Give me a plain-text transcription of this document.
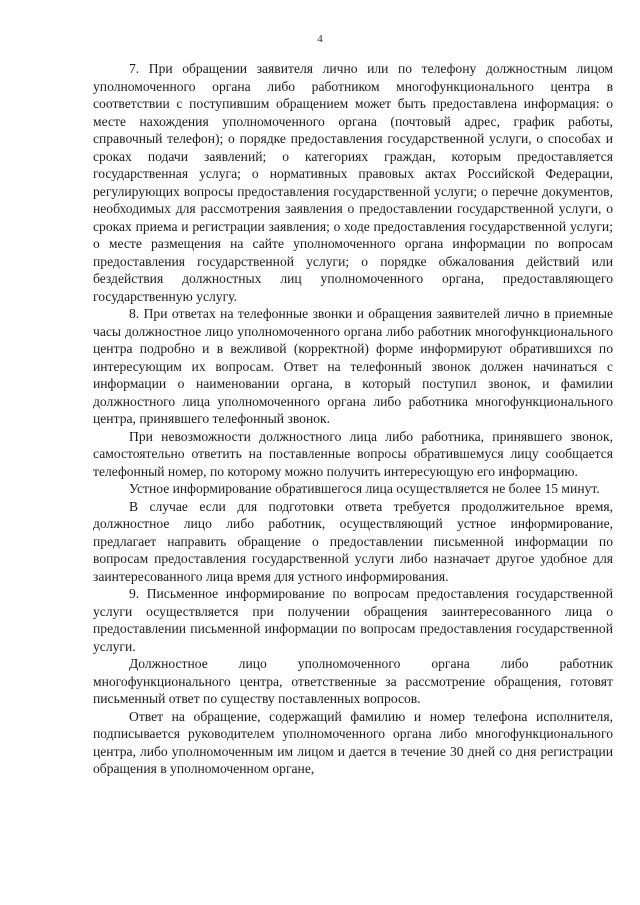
4

7. При обращении заявителя лично или по телефону должностным лицом уполномоченного органа либо работником многофункционального центра в соответствии с поступившим обращением может быть предоставлена информация: о месте нахождения уполномоченного органа (почтовый адрес, график работы, справочный телефон); о порядке предоставления государственной услуги, о способах и сроках подачи заявлений; о категориях граждан, которым предоставляется государственная услуга; о нормативных правовых актах Российской Федерации, регулирующих вопросы предоставления государственной услуги; о перечне документов, необходимых для рассмотрения заявления о предоставлении государственной услуги, о сроках приема и регистрации заявления; о ходе предоставления государственной услуги; о месте размещения на сайте уполномоченного органа информации по вопросам предоставления государственной услуги; о порядке обжалования действий или бездействия должностных лиц уполномоченного органа, предоставляющего государственную услугу.

8. При ответах на телефонные звонки и обращения заявителей лично в приемные часы должностное лицо уполномоченного органа либо работник многофункционального центра подробно и в вежливой (корректной) форме информируют обратившихся по интересующим их вопросам. Ответ на телефонный звонок должен начинаться с информации о наименовании органа, в который поступил звонок, и фамилии должностного лица уполномоченного органа либо работника многофункционального центра, принявшего телефонный звонок.

При невозможности должностного лица либо работника, принявшего звонок, самостоятельно ответить на поставленные вопросы обратившемуся лицу сообщается телефонный номер, по которому можно получить интересующую его информацию.

Устное информирование обратившегося лица осуществляется не более 15 минут.

В случае если для подготовки ответа требуется продолжительное время, должностное лицо либо работник, осуществляющий устное информирование, предлагает направить обращение о предоставлении письменной информации по вопросам предоставления государственной услуги либо назначает другое удобное для заинтересованного лица время для устного информирования.

9. Письменное информирование по вопросам предоставления государственной услуги осуществляется при получении обращения заинтересованного лица о предоставлении письменной информации по вопросам предоставления государственной услуги.

Должностное лицо уполномоченного органа либо работник многофункционального центра, ответственные за рассмотрение обращения, готовят письменный ответ по существу поставленных вопросов.

Ответ на обращение, содержащий фамилию и номер телефона исполнителя, подписывается руководителем уполномоченного органа либо многофункционального центра, либо уполномоченным им лицом и дается в течение 30 дней со дня регистрации обращения в уполномоченном органе,
